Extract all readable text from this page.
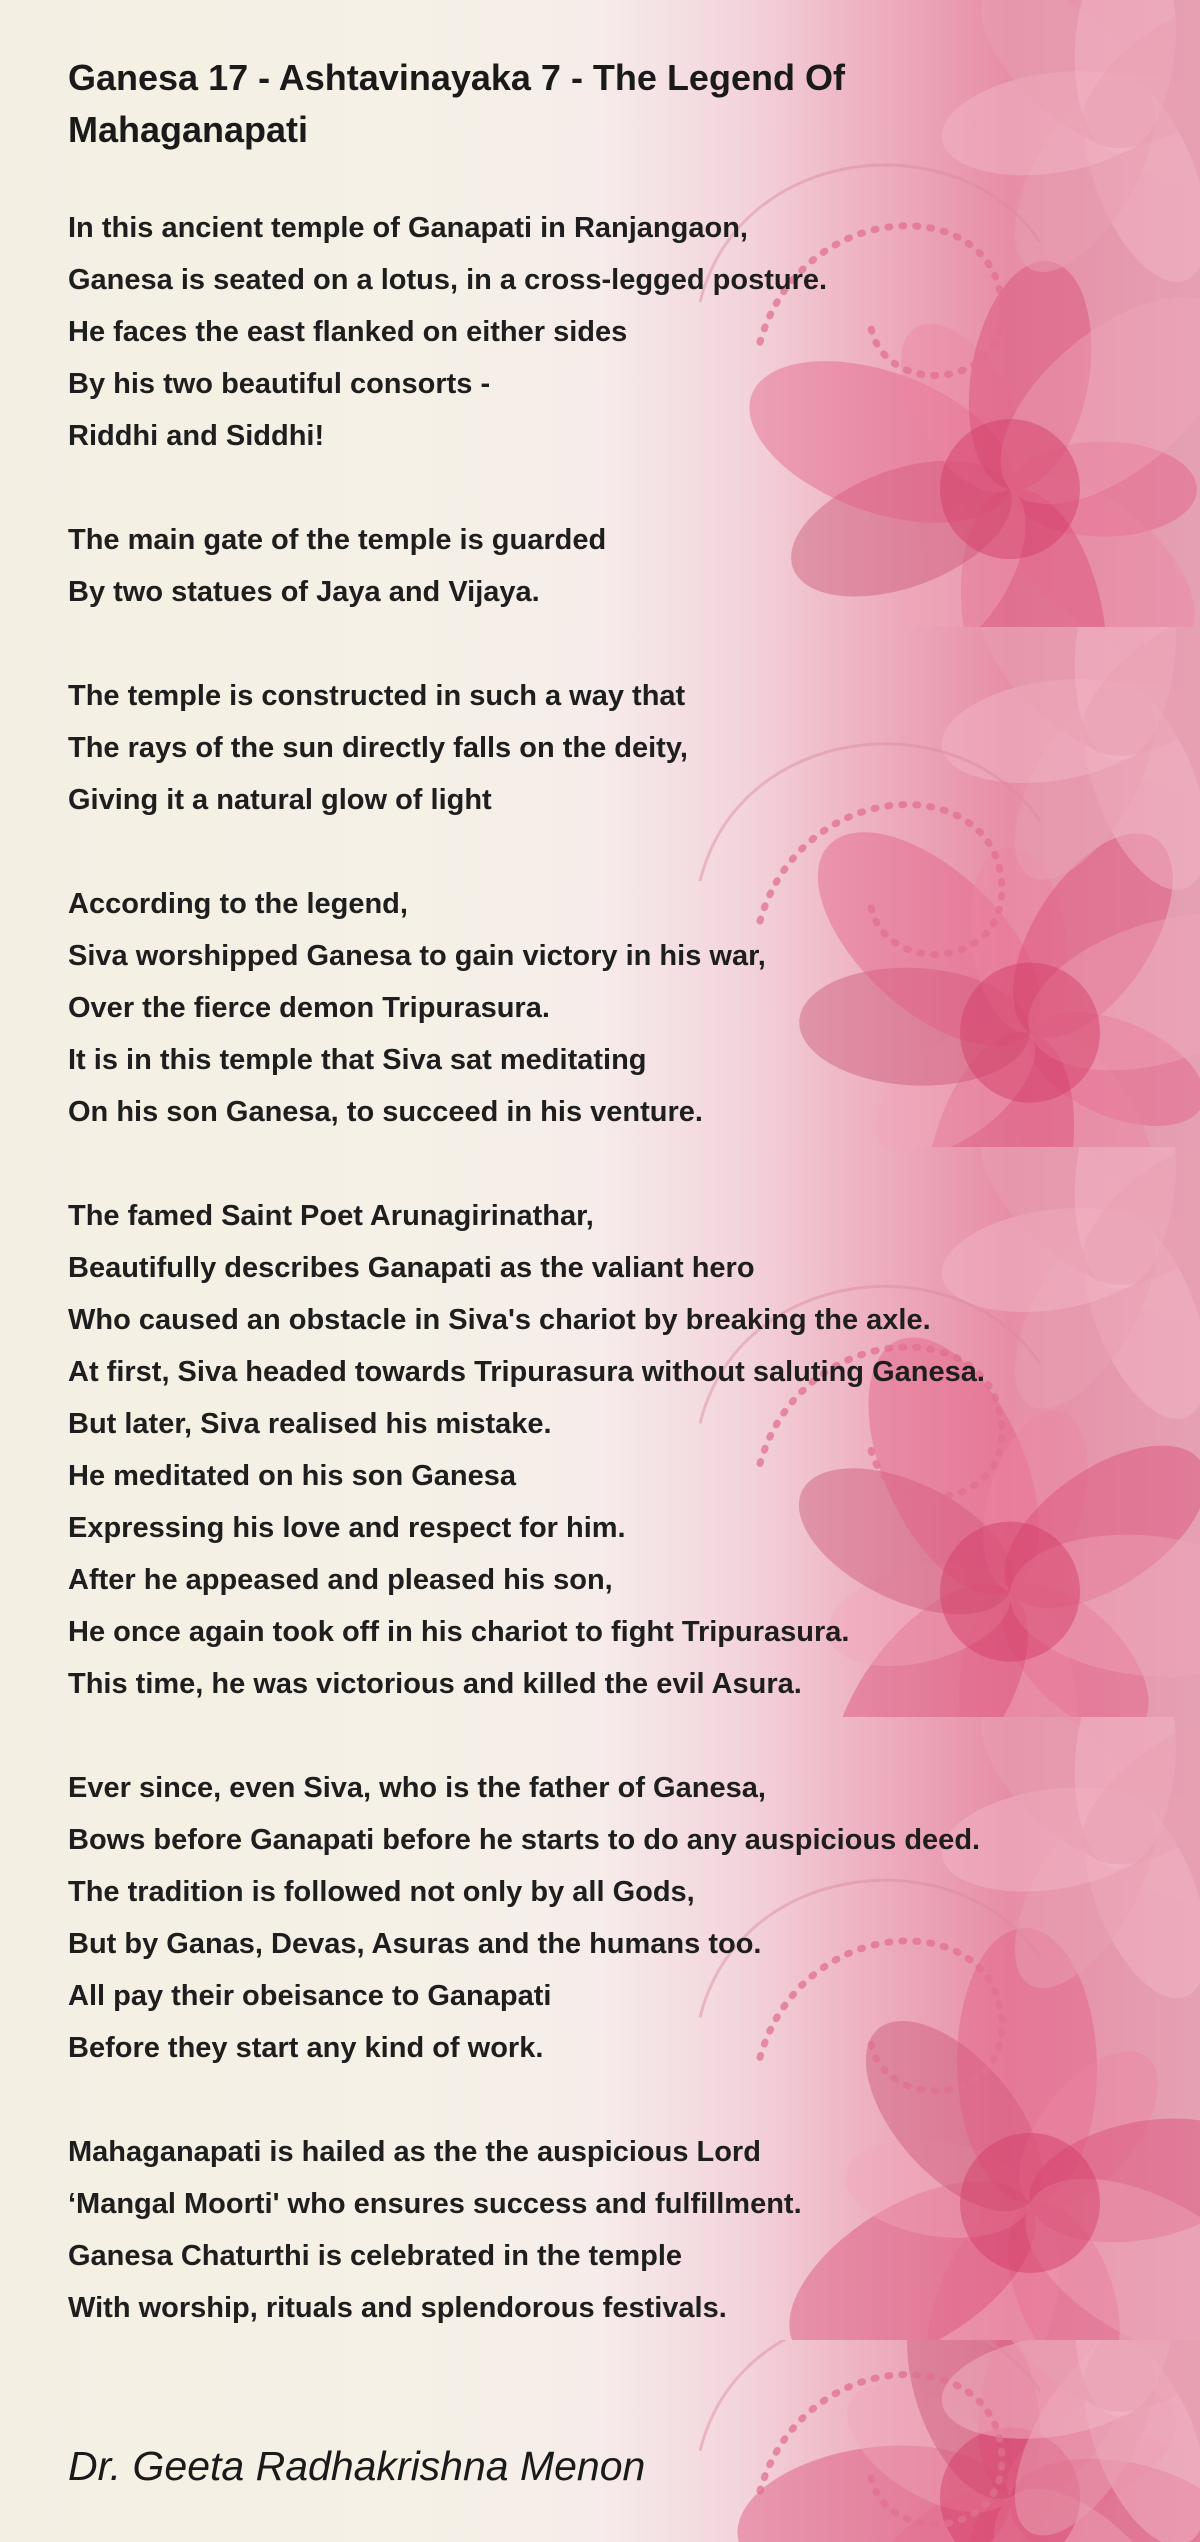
Ganesa 17 - Ashtavinayaka 7 - The Legend Of Mahaganapati
In this ancient temple of Ganapati in Ranjangaon,
Ganesa is seated on a lotus, in a cross-legged posture.
He faces the east flanked on either sides
By his two beautiful consorts -
Riddhi and Siddhi!
The main gate of the temple is guarded
By two statues of Jaya and Vijaya.
The temple is constructed in such a way that
The rays of the sun directly falls on the deity,
Giving it a natural glow of light
According to the legend,
Siva worshipped Ganesa to gain victory in his war,
Over the fierce demon Tripurasura.
It is in this temple that Siva sat meditating
On his son Ganesa, to succeed in his venture.
The famed Saint Poet Arunagirinathar,
Beautifully describes Ganapati as the valiant hero
Who caused an obstacle in Siva's chariot by breaking the axle.
At first, Siva headed towards Tripurasura without saluting Ganesa.
But later, Siva realised his mistake.
He meditated on his son Ganesa
Expressing his love and respect for him.
After he appeased and pleased his son,
He once again took off in his chariot to fight Tripurasura.
This time, he was victorious and killed the evil Asura.
Ever since, even Siva, who is the father of Ganesa,
Bows before Ganapati before he starts to do any auspicious deed.
The tradition is followed not only by all Gods,
But by Ganas, Devas, Asuras and the humans too.
All pay their obeisance to Ganapati
Before they start any kind of work.
Mahaganapati is hailed as the the auspicious Lord
‘Mangal Moorti' who ensures success and fulfillment.
Ganesa Chaturthi is celebrated in the temple
With worship, rituals and splendorous festivals.
Dr. Geeta Radhakrishna Menon
